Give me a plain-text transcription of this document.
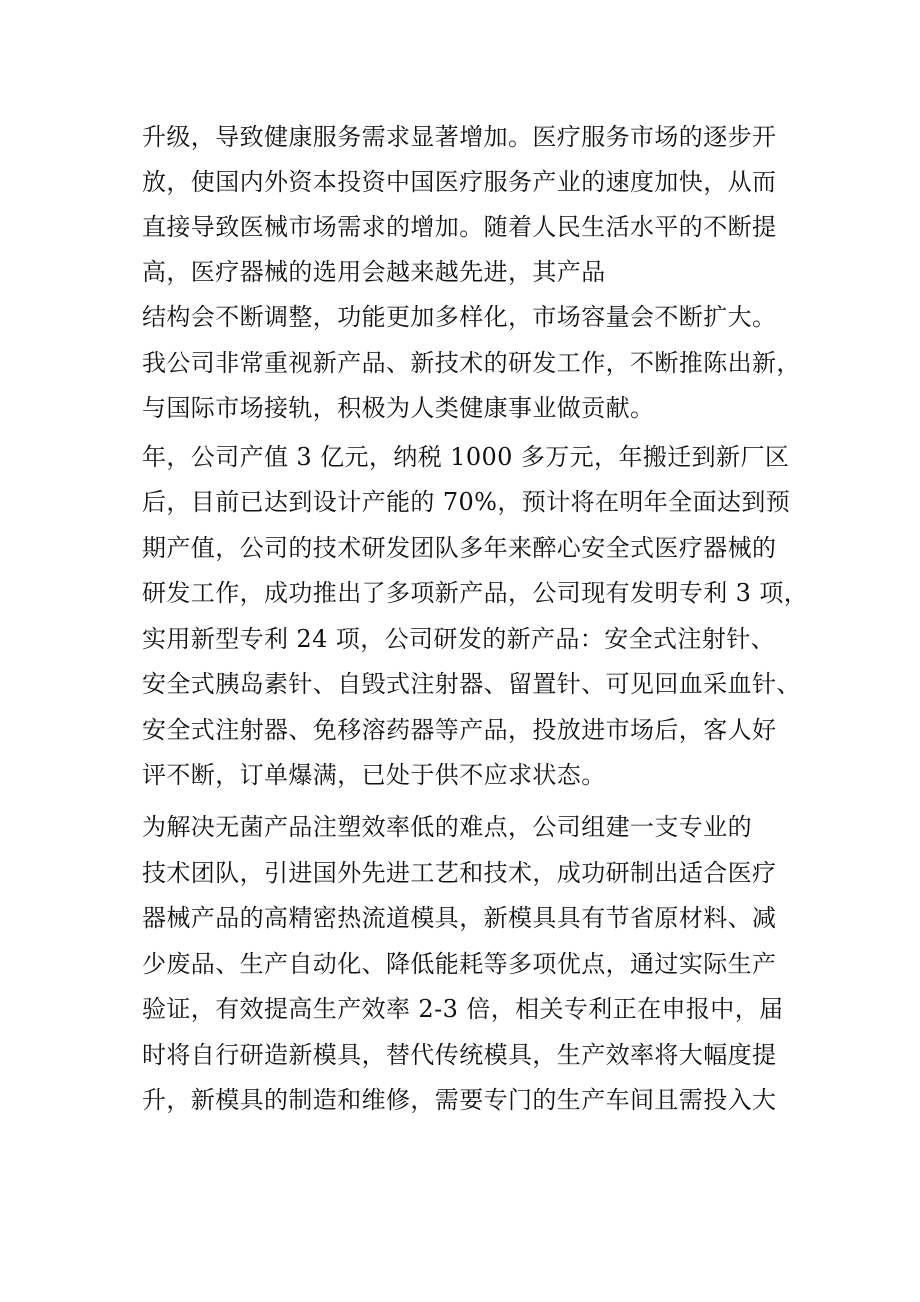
升级，导致健康服务需求显著增加。医疗服务市场的逐步开
放，使国内外资本投资中国医疗服务产业的速度加快，从而
直接导致医械市场需求的增加。随着人民生活水平的不断提
高，医疗器械的选用会越来越先进，其产品
结构会不断调整，功能更加多样化，市场容量会不断扩大。
我公司非常重视新产品、新技术的研发工作，不断推陈出新，
与国际市场接轨，积极为人类健康事业做贡献。
年，公司产值 3 亿元，纳税 1000 多万元，年搬迁到新厂区
后，目前已达到设计产能的 70%，预计将在明年全面达到预
期产值，公司的技术研发团队多年来醉心安全式医疗器械的
研发工作，成功推出了多项新产品，公司现有发明专利 3 项，
实用新型专利 24 项，公司研发的新产品：安全式注射针、
安全式胰岛素针、自毁式注射器、留置针、可见回血采血针、
安全式注射器、免移溶药器等产品，投放进市场后，客人好
评不断，订单爆满，已处于供不应求状态。
为解决无菌产品注塑效率低的难点，公司组建一支专业的
技术团队，引进国外先进工艺和技术，成功研制出适合医疗
器械产品的高精密热流道模具，新模具具有节省原材料、减
少废品、生产自动化、降低能耗等多项优点，通过实际生产
验证，有效提高生产效率 2-3 倍，相关专利正在申报中，届
时将自行研造新模具，替代传统模具，生产效率将大幅度提
升，新模具的制造和维修，需要专门的生产车间且需投入大
